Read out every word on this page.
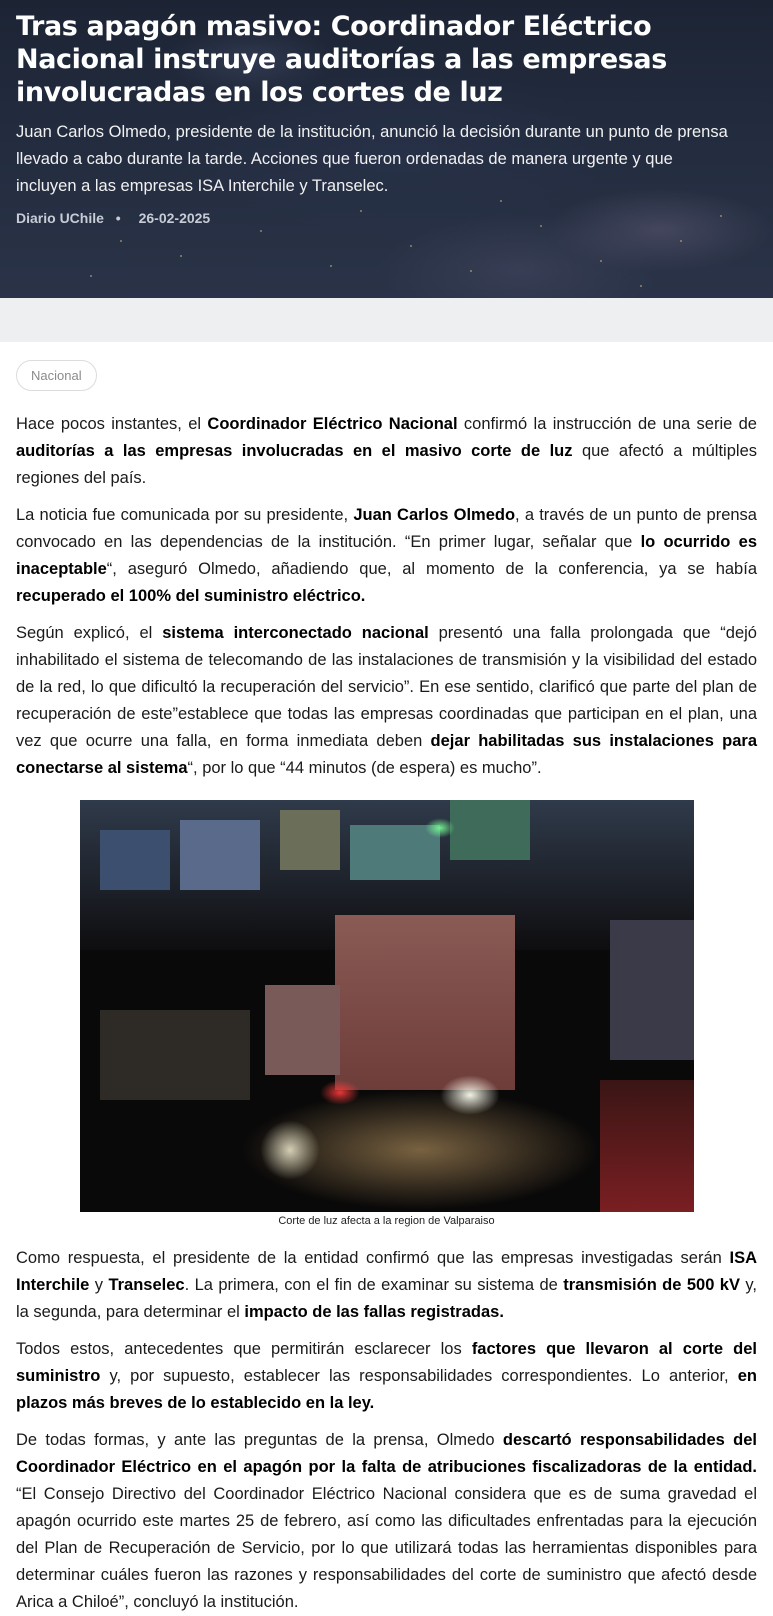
Tras apagón masivo: Coordinador Eléctrico Nacional instruye auditorías a las empresas involucradas en los cortes de luz

Juan Carlos Olmedo, presidente de la institución, anunció la decisión durante un punto de prensa llevado a cabo durante la tarde. Acciones que fueron ordenadas de manera urgente y que incluyen a las empresas ISA Interchile y Transelec.

Diario UChile • 26-02-2025
Nacional

Hace pocos instantes, el Coordinador Eléctrico Nacional confirmó la instrucción de una serie de auditorías a las empresas involucradas en el masivo corte de luz que afectó a múltiples regiones del país.

La noticia fue comunicada por su presidente, Juan Carlos Olmedo, a través de un punto de prensa convocado en las dependencias de la institución. “En primer lugar, señalar que lo ocurrido es inaceptable“, aseguró Olmedo, añadiendo que, al momento de la conferencia, ya se había recuperado el 100% del suministro eléctrico.

Según explicó, el sistema interconectado nacional presentó una falla prolongada que “dejó inhabilitado el sistema de telecomando de las instalaciones de transmisión y la visibilidad del estado de la red, lo que dificultó la recuperación del servicio”. En ese sentido, clarificó que parte del plan de recuperación de este”establece que todas las empresas coordinadas que participan en el plan, una vez que ocurre una falla, en forma inmediata deben dejar habilitadas sus instalaciones para conectarse al sistema“, por lo que “44 minutos (de espera) es mucho”.

Corte de luz afecta a la region de Valparaiso

Como respuesta, el presidente de la entidad confirmó que las empresas investigadas serán ISA Interchile y Transelec. La primera, con el fin de examinar su sistema de transmisión de 500 kV y, la segunda, para determinar el impacto de las fallas registradas.

Todos estos, antecedentes que permitirán esclarecer los factores que llevaron al corte del suministro y, por supuesto, establecer las responsabilidades correspondientes. Lo anterior, en plazos más breves de lo establecido en la ley.

De todas formas, y ante las preguntas de la prensa, Olmedo descartó responsabilidades del Coordinador Eléctrico en el apagón por la falta de atribuciones fiscalizadoras de la entidad. “El Consejo Directivo del Coordinador Eléctrico Nacional considera que es de suma gravedad el apagón ocurrido este martes 25 de febrero, así como las dificultades enfrentadas para la ejecución del Plan de Recuperación de Servicio, por lo que utilizará todas las herramientas disponibles para determinar cuáles fueron las razones y responsabilidades del corte de suministro que afectó desde Arica a Chiloé”, concluyó la institución.
